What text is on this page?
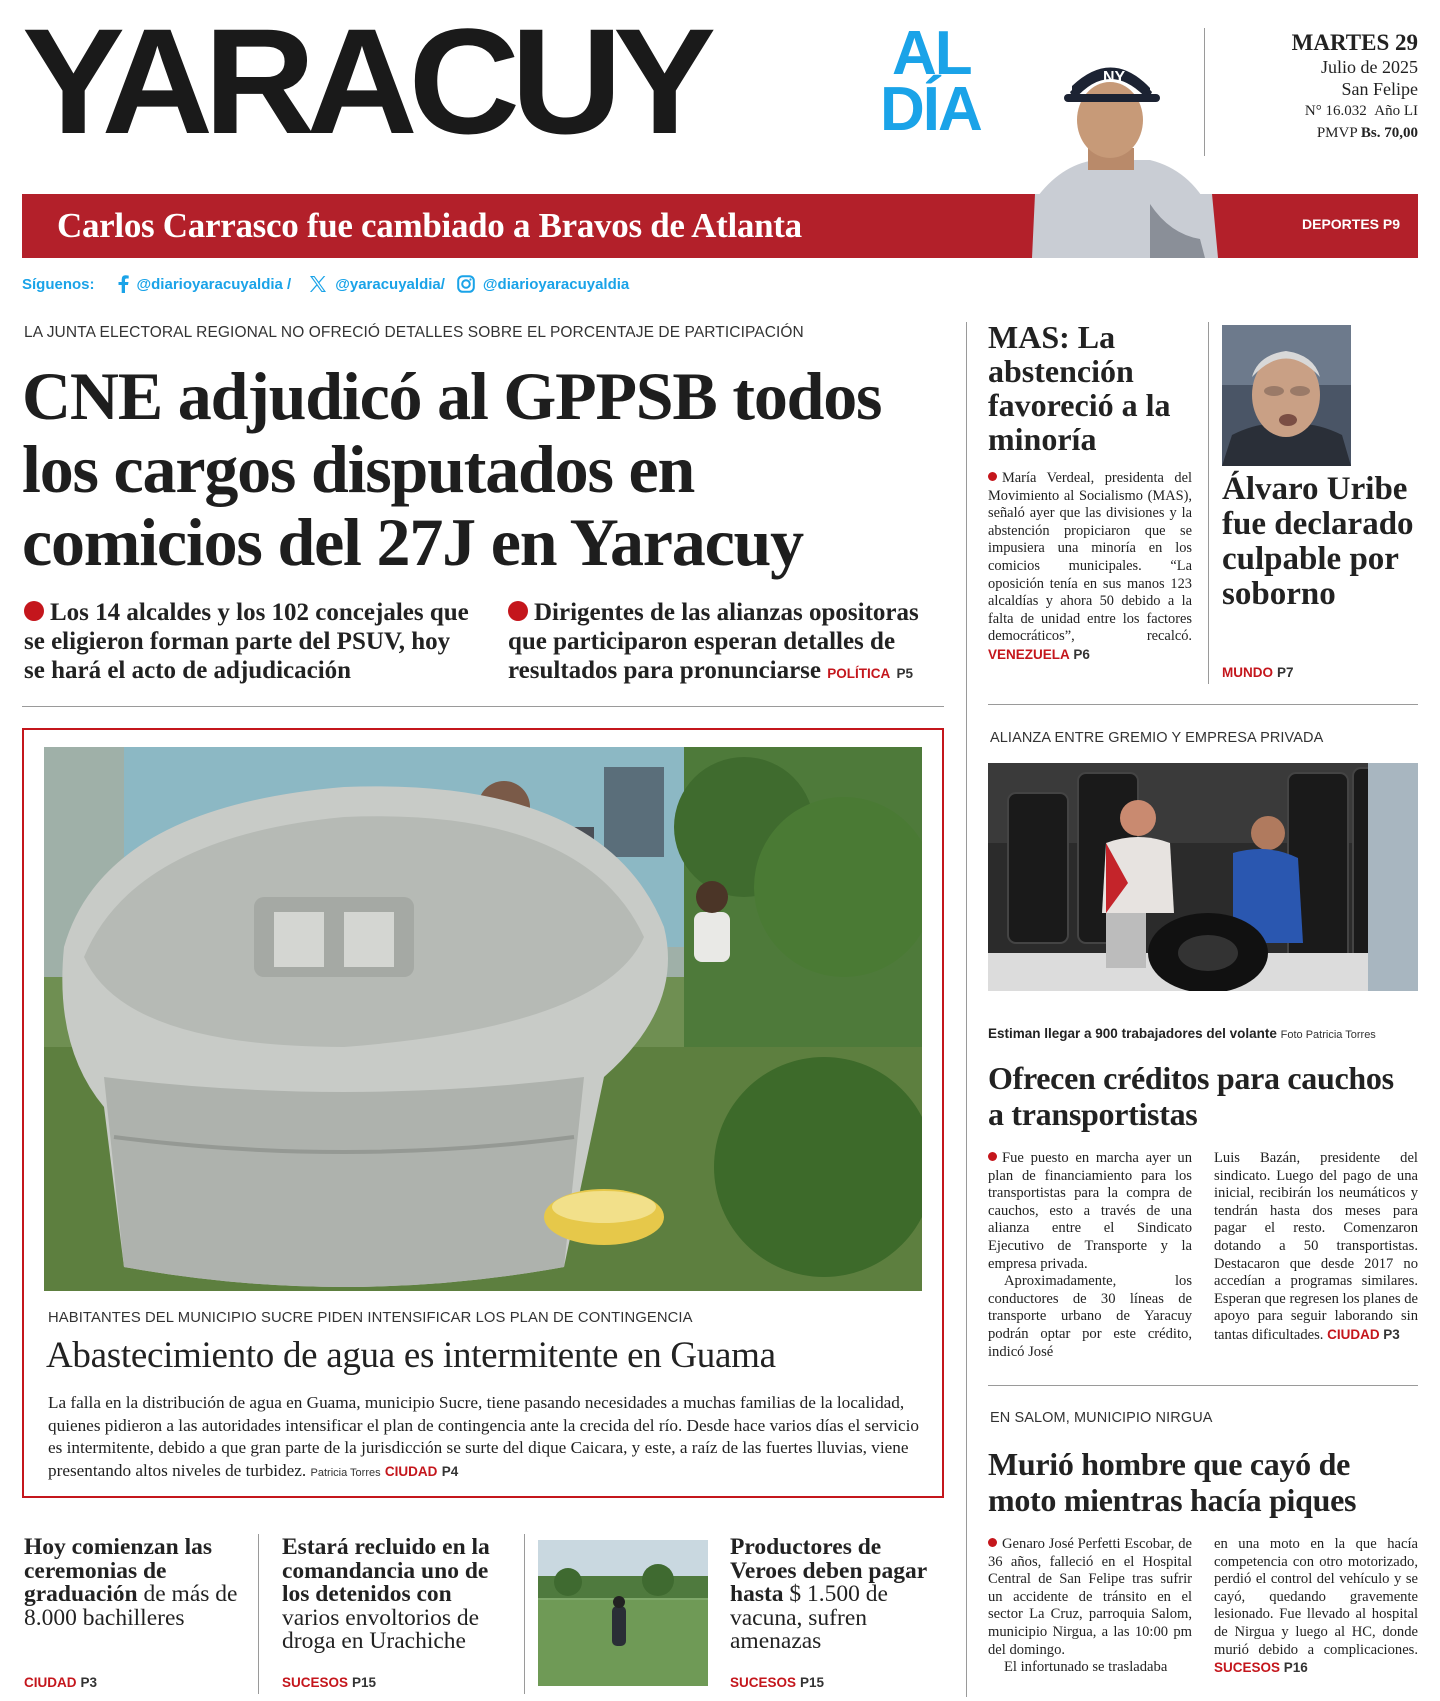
YARACUY	AL
DÍA	NY
MARTES 29
Julio de 2025
San Felipe
N° 16.032 Año LI
PMVP Bs. 70,00
Carlos Carrasco fue cambiado a Bravos de Atlanta	DEPORTES P9
Síguenos:	@diarioyaracuyaldia /	@yaracuyaldia/	@diarioyaracuyaldia
LA JUNTA ELECTORAL REGIONAL NO OFRECIÓ DETALLES SOBRE EL PORCENTAJE DE PARTICIPACIÓN
CNE adjudicó al GPPSB todos
los cargos disputados en
comicios del 27J en Yaracuy
Los 14 alcaldes y los 102 concejales que se eligieron forman parte del PSUV, hoy se hará el acto de adjudicación
Dirigentes de las alianzas opositoras que participaron esperan detalles de resultados para pronunciarse POLÍTICA P5
MAS: La abstención favoreció a la minoría
María Verdeal, presidenta del Movimiento al Socialismo (MAS), señaló ayer que las divisiones y la abstención propiciaron que se impusiera una minoría en los comicios municipales. “La oposición tenía en sus manos 123 alcaldías y ahora 50 debido a la falta de unidad entre los factores democráticos”, recalcó. VENEZUELA P6
Álvaro Uribe fue declarado culpable por soborno
MUNDO P7
HABITANTES DEL MUNICIPIO SUCRE PIDEN INTENSIFICAR LOS PLAN DE CONTINGENCIA
Abastecimiento de agua es intermitente en Guama
La falla en la distribución de agua en Guama, municipio Sucre, tiene pasando necesidades a muchas familias de la localidad, quienes pidieron a las autoridades intensificar el plan de contingencia ante la crecida del río. Desde hace varios días el servicio es intermitente, debido a que gran parte de la jurisdicción se surte del dique Caicara, y este, a raíz de las fuertes lluvias, viene presentando altos niveles de turbidez. Patricia Torres CIUDAD P4
ALIANZA ENTRE GREMIO Y EMPRESA PRIVADA
Estiman llegar a 900 trabajadores del volante Foto Patricia Torres
Ofrecen créditos para cauchos a transportistas

Fue puesto en marcha ayer un plan de financiamiento para los transportistas para la compra de cauchos, esto a través de una alianza entre el Sindicato Ejecutivo de Transporte y la empresa privada.

Aproximadamente, los conductores de 30 líneas de transporte urbano de Yaracuy podrán optar por este crédito, indicó José

Luis Bazán, presidente del sindicato. Luego del pago de una inicial, recibirán los neumáticos y tendrán hasta dos meses para pagar el resto. Comenzaron dotando a 50 transportistas. Destacaron que desde 2017 no accedían a programas similares. Esperan que regresen los planes de apoyo para seguir laborando sin tantas dificultades. CIUDAD P3
EN SALOM, MUNICIPIO NIRGUA
Murió hombre que cayó de moto mientras hacía piques

Genaro José Perfetti Escobar, de 36 años, falleció en el Hospital Central de San Felipe tras sufrir un accidente de tránsito en el sector La Cruz, parroquia Salom, municipio Nirgua, a las 10:00 pm del domingo.

El infortunado se trasladaba

en una moto en la que hacía competencia con otro motorizado, perdió el control del vehículo y se cayó, quedando gravemente lesionado. Fue llevado al hospital de Nirgua y luego al HC, donde murió debido a complicaciones. SUCESOS P16
Hoy comienzan las ceremonias de graduación de más de 8.000 bachilleres
CIUDAD P3
Estará recluido en la comandancia uno de los detenidos con varios envoltorios de droga en Urachiche
SUCESOS P15
Productores de Veroes deben pagar hasta $ 1.500 de vacuna, sufren amenazas
SUCESOS P15
